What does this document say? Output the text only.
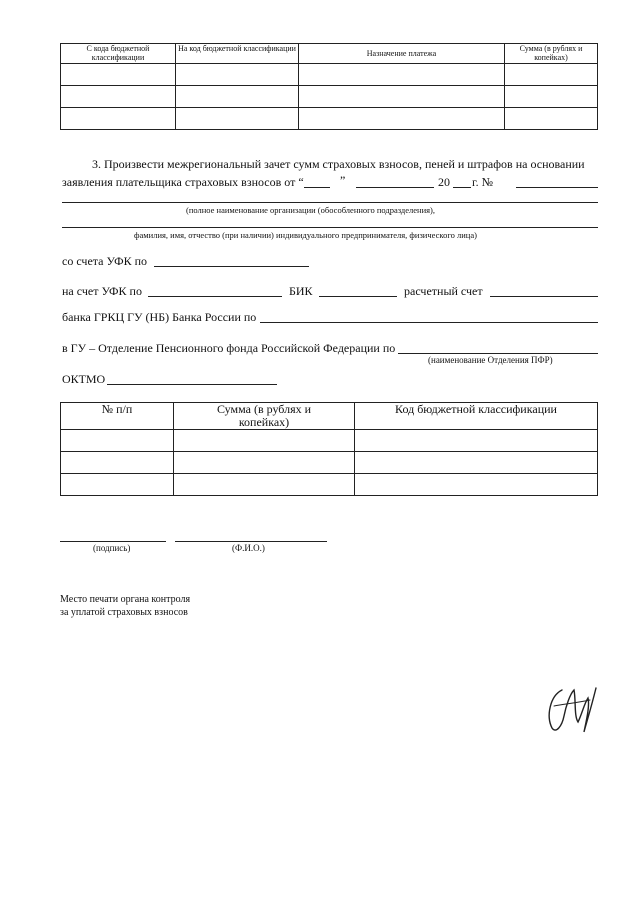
С кода бюджетной классификации	На код бюджетной классификации	Назначение платежа	Сумма (в рублях и копейках)

3. Произвести межрегиональный зачет сумм страховых взносов, пеней и штрафов на основании
заявления плательщика страховых взносов от “	”	20 г. №
(полное наименование организации (обособленного подразделения),
фамилия, имя, отчество (при наличии) индивидуального предпринимателя, физического лица)
со счета УФК по
на счет УФК по	БИК	расчетный счет
банка ГРКЦ ГУ (НБ) Банка России по
в ГУ – Отделение Пенсионного фонда Российской Федерации по
(наименование Отделения ПФР)
ОКТМО
№ п/п	Сумма (в рублях и копейках)	Код бюджетной классификации

(подпись)	(Ф.И.О.)
Место печати органа контроля
за уплатой страховых взносов
